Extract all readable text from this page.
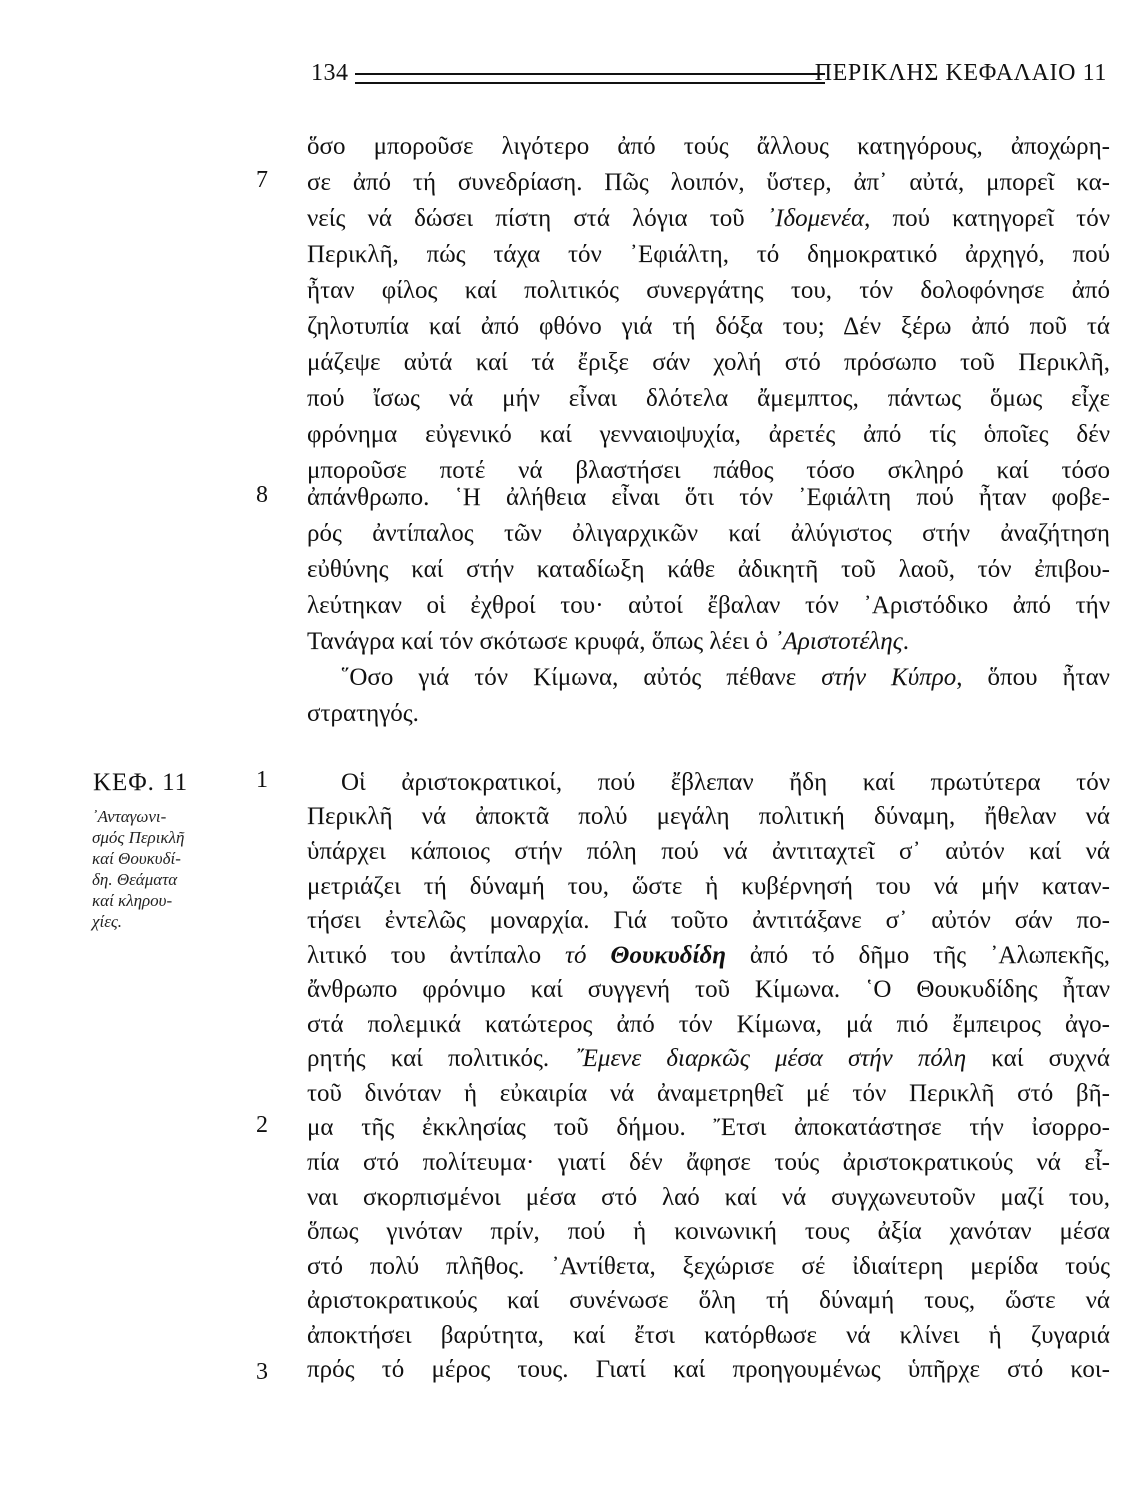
134	ΠΕΡΙΚΛΗΣ ΚΕΦΑΛΑΙΟ 11
7
8
1
2
3
ΚΕΦ. 11
᾿Ανταγωνι-
σμός Περικλῆ
καί Θουκυδί-
δη. Θεάματα
καί κληρου-
χίες.
ὅσο μποροῦσε λιγότερο ἀπό τούς ἄλλους κατηγόρους, ἀποχώρη-
σε ἀπό τή συνεδρίαση. Πῶς λοιπόν, ὕστερ, ἀπ᾿ αὐτά, μπορεῖ κα-
νείς νά δώσει πίστη στά λόγια τοῦ ᾿Ιδομενέα, πού κατηγορεῖ τόν
Περικλῆ, πώς τάχα τόν ᾿Εφιάλτη, τό δημοκρατικό ἀρχηγό, πού
ἦταν φίλος καί πολιτικός συνεργάτης του, τόν δολοφόνησε ἀπό
ζηλοτυπία καί ἀπό φθόνο γιά τή δόξα του; Δέν ξέρω ἀπό ποῦ τά
μάζεψε αὐτά καί τά ἔριξε σάν χολή στό πρόσωπο τοῦ Περικλῆ,
πού ἴσως νά μήν εἶναι δλότελα ἄμεμπτος, πάντως ὅμως εἶχε
φρόνημα εὐγενικό καί γενναιοψυχία, ἀρετές ἀπό τίς ὁποῖες δέν
μποροῦσε ποτέ νά βλαστήσει πάθος τόσο σκληρό καί τόσο
ἀπάνθρωπο. ῾Η ἀλήθεια εἶναι ὅτι τόν ᾿Εφιάλτη πού ἦταν φοβε-
ρός ἀντίπαλος τῶν ὀλιγαρχικῶν καί ἀλύγιστος στήν ἀναζήτηση
εὐθύνης καί στήν καταδίωξη κάθε ἀδικητῆ τοῦ λαοῦ, τόν ἐπιβου-
λεύτηκαν οἱ ἐχθροί του· αὐτοί ἔβαλαν τόν ᾿Αριστόδικο ἀπό τήν
Τανάγρα καί τόν σκότωσε κρυφά, ὅπως λέει ὁ ᾿Αριστοτέλης.
῞Οσο γιά τόν Κίμωνα, αὐτός πέθανε στήν Κύπρο, ὅπου ἦταν
στρατηγός.
Οἱ ἀριστοκρατικοί, πού ἔβλεπαν ἤδη καί πρωτύτερα τόν
Περικλῆ νά ἀποκτᾶ πολύ μεγάλη πολιτική δύναμη, ἤθελαν νά
ὑπάρχει κάποιος στήν πόλη πού νά ἀντιταχτεῖ σ᾿ αὐτόν καί νά
μετριάζει τή δύναμή του, ὥστε ἡ κυβέρνησή του νά μήν καταν-
τήσει ἐντελῶς μοναρχία. Γιά τοῦτο ἀντιτάξανε σ᾿ αὐτόν σάν πο-
λιτικό του ἀντίπαλο τό Θουκυδίδη ἀπό τό δῆμο τῆς ᾿Αλωπεκῆς,
ἄνθρωπο φρόνιμο καί συγγενή τοῦ Κίμωνα. ῾Ο Θουκυδίδης ἦταν
στά πολεμικά κατώτερος ἀπό τόν Κίμωνα, μά πιό ἔμπειρος ἀγο-
ρητής καί πολιτικός. ῎Εμενε διαρκῶς μέσα στήν πόλη καί συχνά
τοῦ δινόταν ἡ εὐκαιρία νά ἀναμετρηθεῖ μέ τόν Περικλῆ στό βῆ-
μα τῆς ἐκκλησίας τοῦ δήμου. Ἔτσι ἀποκατάστησε τήν ἰσορρο-
πία στό πολίτευμα· γιατί δέν ἄφησε τούς ἀριστοκρατικούς νά εἶ-
ναι σκορπισμένοι μέσα στό λαό καί νά συγχωνευτοῦν μαζί του,
ὅπως γινόταν πρίν, πού ἡ κοινωνική τους ἀξία χανόταν μέσα
στό πολύ πλῆθος. ᾿Αντίθετα, ξεχώρισε σέ ἰδιαίτερη μερίδα τούς
ἀριστοκρατικούς καί συνένωσε ὅλη τή δύναμή τους, ὥστε νά
ἀποκτήσει βαρύτητα, καί ἔτσι κατόρθωσε νά κλίνει ἡ ζυγαριά
πρός τό μέρος τους. Γιατί καί προηγουμένως ὑπῆρχε στό κοι-
